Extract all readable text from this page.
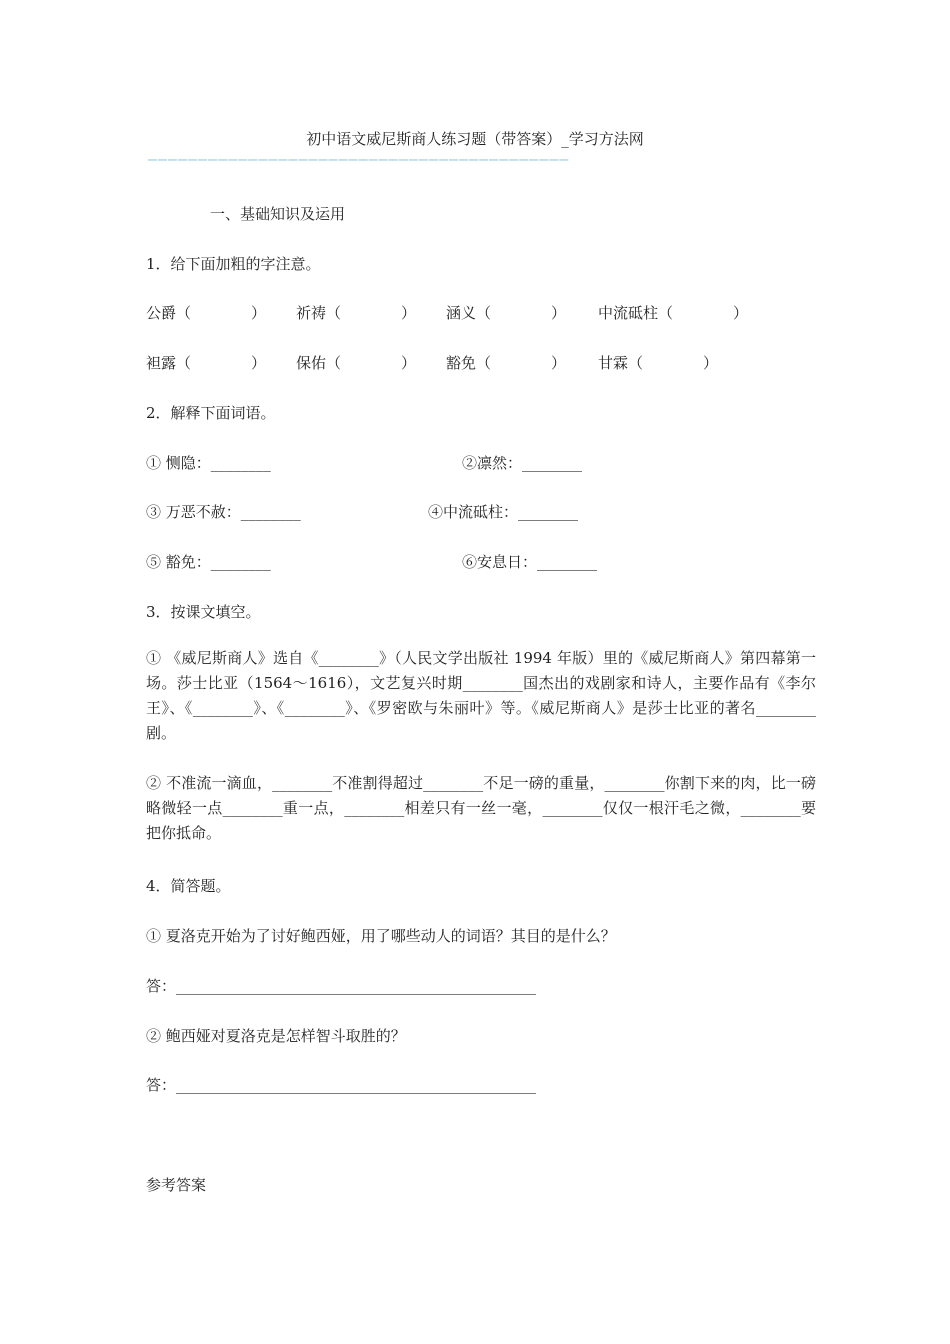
初中语文威尼斯商人练习题（带答案）_学习方法网
——————————————————————————————————————————
一、基础知识及运用
1．给下面加粗的字注意。
公爵（　　　　） 祈祷（　　　　） 涵义（　　　　） 中流砥柱（　　　　）
袒露（　　　　） 保佑（　　　　） 豁免（　　　　） 甘霖（　　　　）
2．解释下面词语。
① 恻隐：________	②凛然：________
③ 万恶不赦：________	④中流砥柱：________
⑤ 豁免：________	⑥安息日：________
3．按课文填空。
① 《威尼斯商人》选自《________》（人民文学出版社 1994 年版）里的《威尼斯商人》第四幕第一场。莎士比亚（1564～1616），文艺复兴时期________国杰出的戏剧家和诗人，主要作品有《李尔王》、《________》、《________》、《罗密欧与朱丽叶》等。《威尼斯商人》是莎士比亚的著名________剧。
② 不准流一滴血，________不准割得超过________不足一磅的重量，________你割下来的肉，比一磅略微轻一点________重一点，________相差只有一丝一毫，________仅仅一根汗毛之微，________要把你抵命。
4．简答题。
① 夏洛克开始为了讨好鲍西娅，用了哪些动人的词语？其目的是什么？
答：________________________________________________
② 鲍西娅对夏洛克是怎样智斗取胜的？
答：________________________________________________
参考答案
